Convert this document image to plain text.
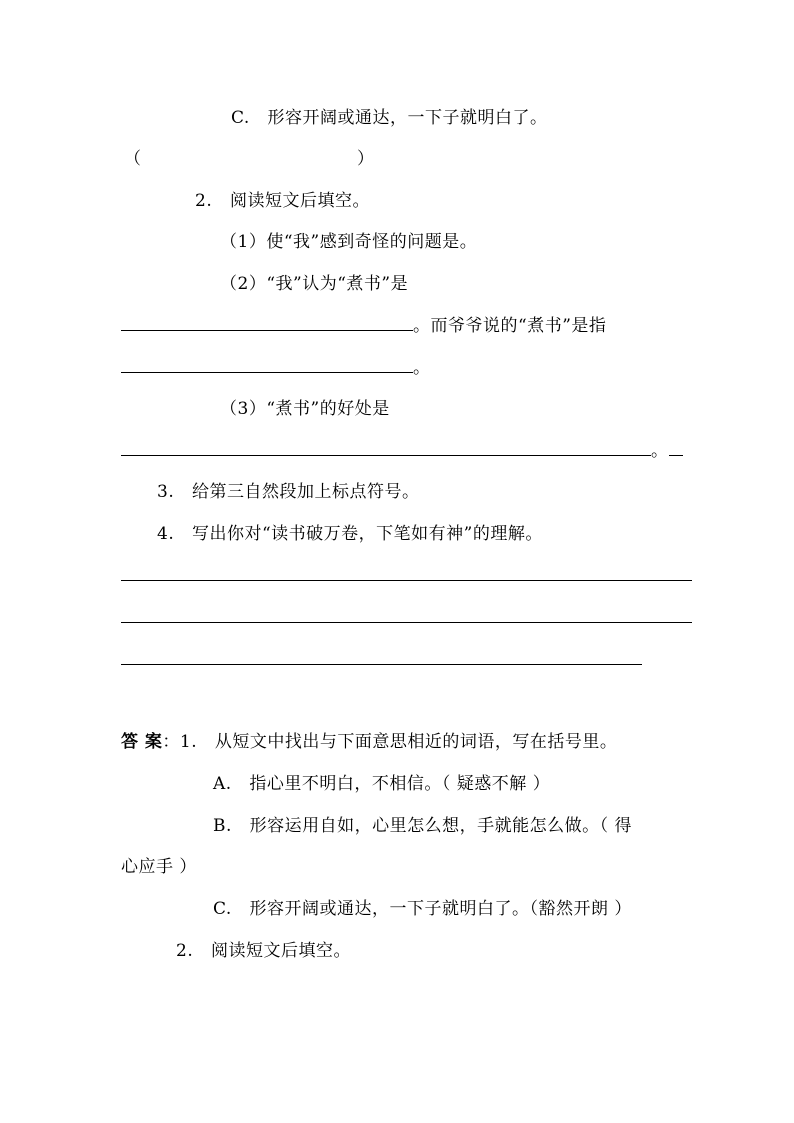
C. 形容开阔或通达，一下子就明白了。
（	）
2. 阅读短文后填空。
（1）使“我”感到奇怪的问题是。
（2）“我”认为“煮书”是
。而爷爷说的“煮书”是指
。
（3）“煮书”的好处是
。
3. 给第三自然段加上标点符号。
4. 写出你对“读书破万卷，下笔如有神”的理解。
答 案：1. 从短文中找出与下面意思相近的词语，写在括号里。
A. 指心里不明白，不相信。（ 疑惑不解 ）
B. 形容运用自如，心里怎么想，手就能怎么做。（ 得
心应手 ）
C. 形容开阔或通达，一下子就明白了。（豁然开朗 ）
2. 阅读短文后填空。
